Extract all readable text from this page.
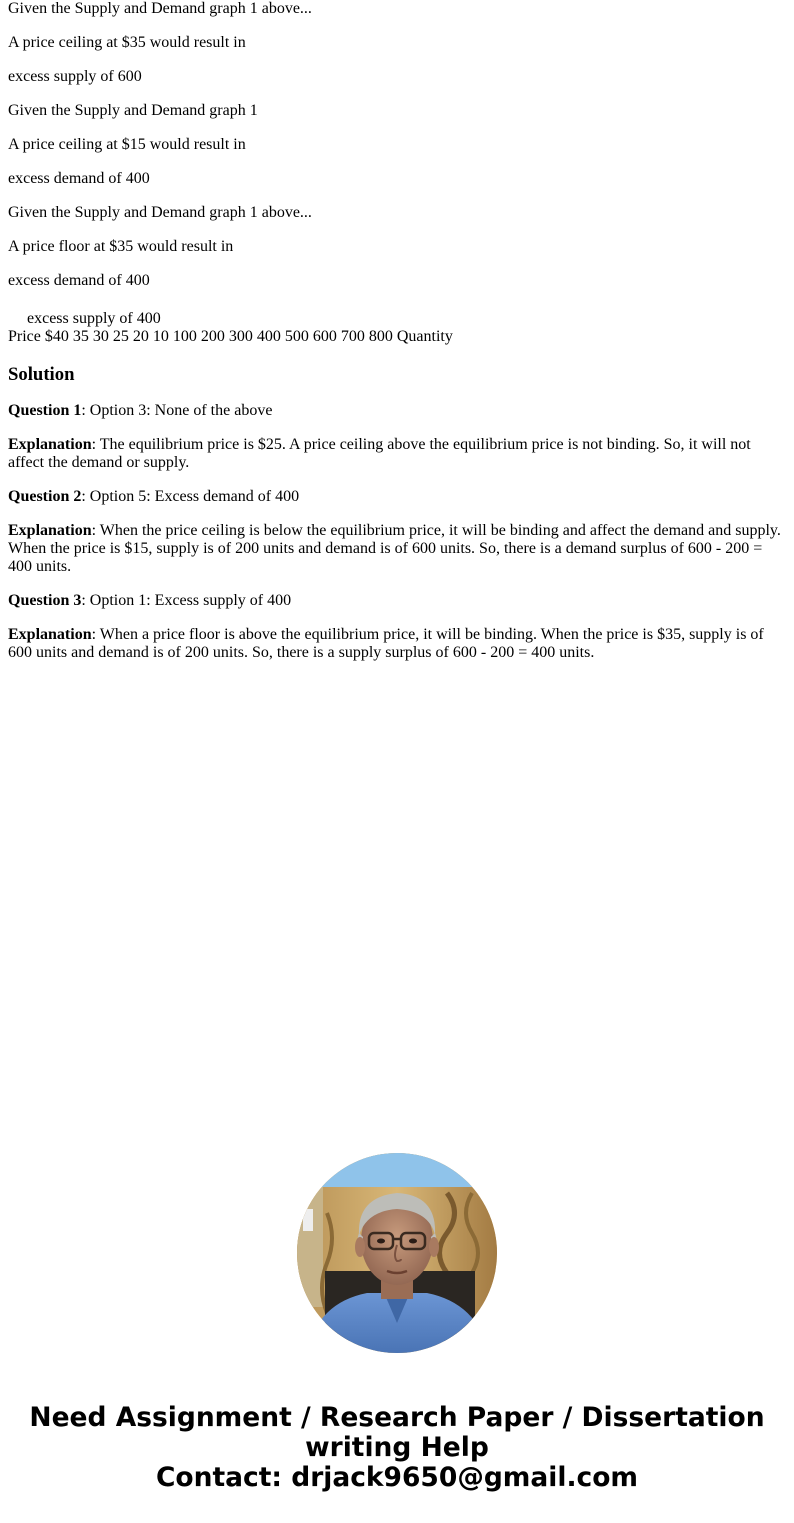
Given the Supply and Demand graph 1 above...

A price ceiling at $35 would result in

excess supply of 600

Given the Supply and Demand graph 1

A price ceiling at $15 would result in

excess demand of 400

Given the Supply and Demand graph 1 above...

A price floor at $35 would result in

excess demand of 400

excess supply of 400

Price $40 35 30 25 20 10 100 200 300 400 500 600 700 800 Quantity

Solution

Question 1: Option 3: None of the above

Explanation: The equilibrium price is $25. A price ceiling above the equilibrium price is not binding. So, it will not affect the demand or supply.

Question 2: Option 5: Excess demand of 400

Explanation: When the price ceiling is below the equilibrium price, it will be binding and affect the demand and supply. When the price is $15, supply is of 200 units and demand is of 600 units. So, there is a demand surplus of 600 - 200 = 400 units.

Question 3: Option 1: Excess supply of 400

Explanation: When a price floor is above the equilibrium price, it will be binding. When the price is $35, supply is of 600 units and demand is of 200 units. So, there is a supply surplus of 600 - 200 = 400 units.

Need Assignment / Research Paper / Dissertation
writing Help
Contact: drjack9650@gmail.com
